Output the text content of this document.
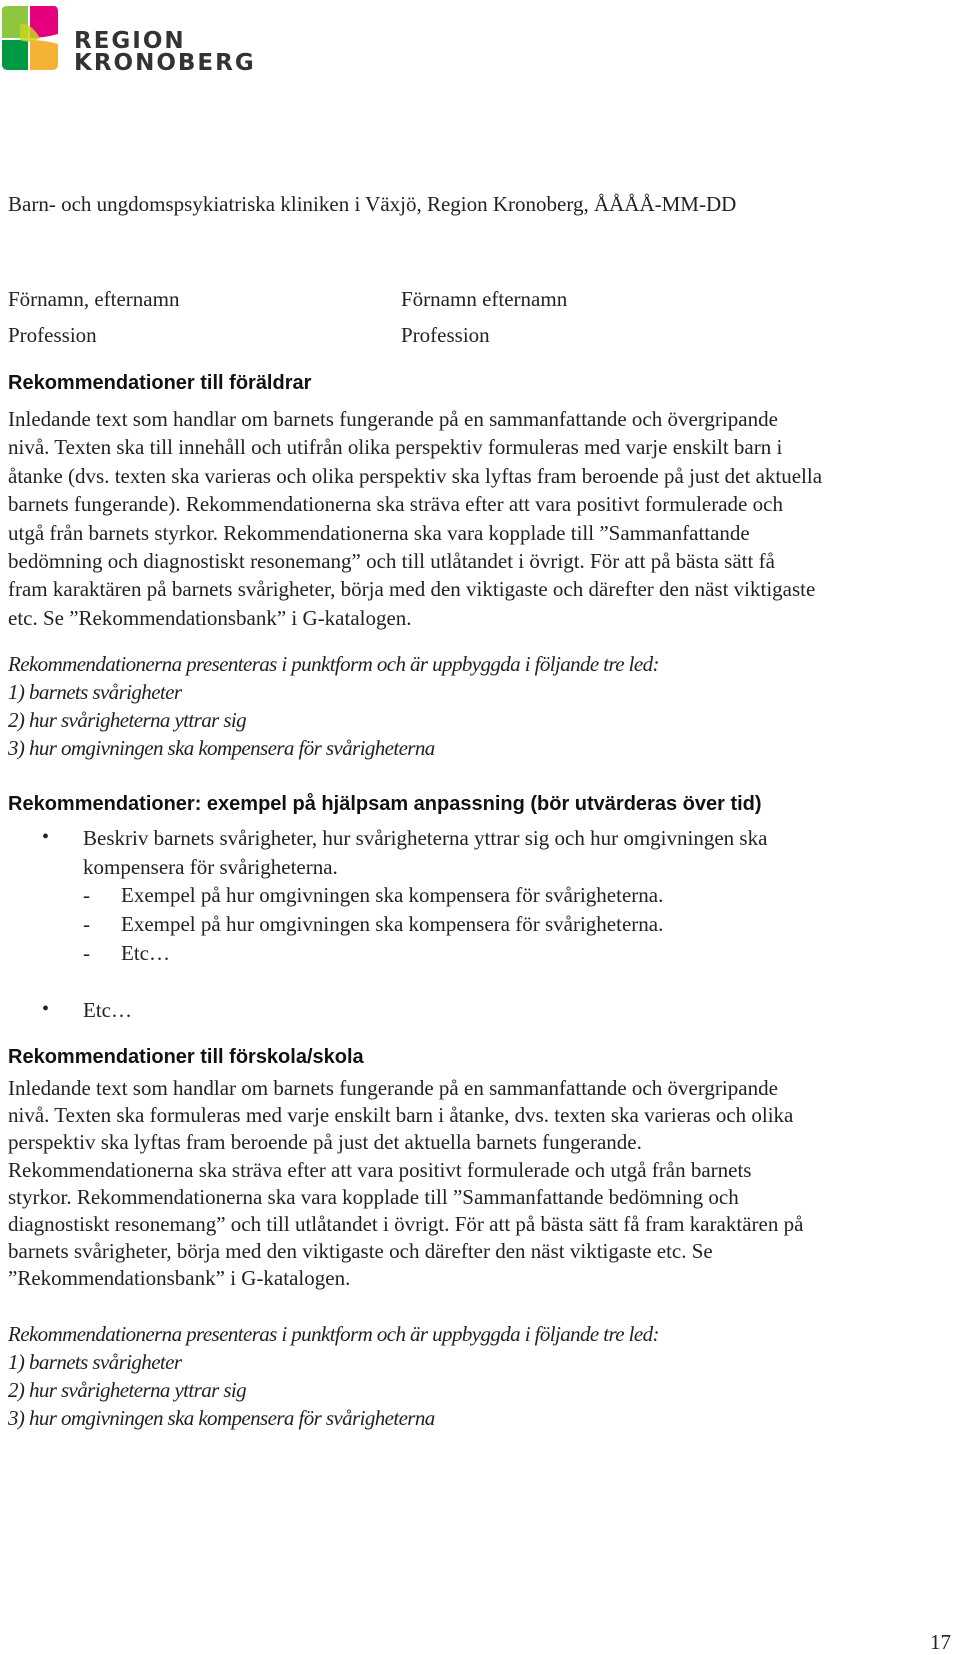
REGION
KRONOBERG
Barn- och ungdomspsykiatriska kliniken i Växjö, Region Kronoberg, ÅÅÅÅ-MM-DD
Förnamn, efternamn
Profession
Förnamn efternamn
Profession
Rekommendationer till föräldrar

Inledande text som handlar om barnets fungerande på en sammanfattande och övergripande

nivå. Texten ska till innehåll och utifrån olika perspektiv formuleras med varje enskilt barn i

åtanke (dvs. texten ska varieras och olika perspektiv ska lyftas fram beroende på just det aktuella

barnets fungerande). Rekommendationerna ska sträva efter att vara positivt formulerade och

utgå från barnets styrkor. Rekommendationerna ska vara kopplade till ”Sammanfattande

bedömning och diagnostiskt resonemang” och till utlåtandet i övrigt. För att på bästa sätt få

fram karaktären på barnets svårigheter, börja med den viktigaste och därefter den näst viktigaste

etc. Se ”Rekommendationsbank” i G-katalogen.

Rekommendationerna presenteras i punktform och är uppbyggda i följande tre led:

1) barnets svårigheter

2) hur svårigheterna yttrar sig

3) hur omgivningen ska kompensera för svårigheterna

Rekommendationer: exempel på hjälpsam anpassning (bör utvärderas över tid)
• Beskriv barnets svårigheter, hur svårigheterna yttrar sig och hur omgivningen ska
kompensera för svårigheterna.
- Exempel på hur omgivningen ska kompensera för svårigheterna.
- Exempel på hur omgivningen ska kompensera för svårigheterna.
- Etc…
• Etc…
Rekommendationer till förskola/skola

Inledande text som handlar om barnets fungerande på en sammanfattande och övergripande

nivå. Texten ska formuleras med varje enskilt barn i åtanke, dvs. texten ska varieras och olika

perspektiv ska lyftas fram beroende på just det aktuella barnets fungerande.

Rekommendationerna ska sträva efter att vara positivt formulerade och utgå från barnets

styrkor. Rekommendationerna ska vara kopplade till ”Sammanfattande bedömning och

diagnostiskt resonemang” och till utlåtandet i övrigt. För att på bästa sätt få fram karaktären på

barnets svårigheter, börja med den viktigaste och därefter den näst viktigaste etc. Se

”Rekommendationsbank” i G-katalogen.

Rekommendationerna presenteras i punktform och är uppbyggda i följande tre led:

1) barnets svårigheter

2) hur svårigheterna yttrar sig

3) hur omgivningen ska kompensera för svårigheterna

17
